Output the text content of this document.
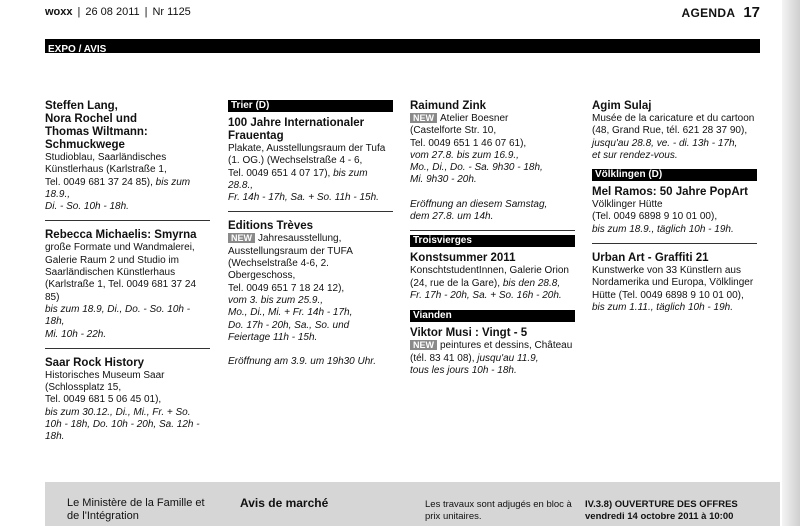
woxx | 26 08 2011 | Nr 1125	AGENDA 17
EXPO / AVIS
Steffen Lang,
Nora Rochel und
Thomas Wiltmann:
Schmuckwege
Studioblau, Saarländisches
Künstlerhaus (Karlstraße 1,
Tel. 0049 681 37 24 85), bis zum 18.9.,
Di. - So. 10h - 18h.
Rebecca Michaelis: Smyrna
große Formate und Wandmalerei,
Galerie Raum 2 und Studio im
Saarländischen Künstlerhaus
(Karlstraße 1, Tel. 0049 681 37 24 85)
bis zum 18.9, Di., Do. - So. 10h - 18h,
Mi. 10h - 22h.
Saar Rock History
Historisches Museum Saar
(Schlossplatz 15,
Tel. 0049 681 5 06 45 01),
bis zum 30.12., Di., Mi., Fr. + So.
10h - 18h, Do. 10h - 20h, Sa. 12h - 18h.
Trier (D)
100 Jahre Internationaler
Frauentag
Plakate, Ausstellungsraum der Tufa
(1. OG.) (Wechselstraße 4 - 6,
Tel. 0049 651 4 07 17), bis zum 28.8.,
Fr. 14h - 17h, Sa. + So. 11h - 15h.
Editions Trèves
NEW Jahresausstellung,
Ausstellungsraum der TUFA
(Wechselstraße 4-6, 2. Obergeschoss,
Tel. 0049 651 7 18 24 12),
vom 3. bis zum 25.9.,
Mo., Di., Mi. + Fr. 14h - 17h,
Do. 17h - 20h, Sa., So. und
Feiertage 11h - 15h.
Eröffnung am 3.9. um 19h30 Uhr.
Raimund Zink
NEW Atelier Boesner
(Castelforte Str. 10,
Tel. 0049 651 1 46 07 61),
vom 27.8. bis zum 16.9.,
Mo., Di., Do. - Sa. 9h30 - 18h,
Mi. 9h30 - 20h.
Eröffnung an diesem Samstag,
dem 27.8. um 14h.
Troisvierges
Konstsummer 2011
KonschtstudentInnen, Galerie Orion
(24, rue de la Gare), bis den 28.8,
Fr. 17h - 20h, Sa. + So. 16h - 20h.
Vianden
Viktor Musi : Vingt - 5
NEW peintures et dessins, Château
(tél. 83 41 08), jusqu'au 11.9,
tous les jours 10h - 18h.
Agim Sulaj
Musée de la caricature et du cartoon
(48, Grand Rue, tél. 621 28 37 90),
jusqu'au 28.8, ve. - di. 13h - 17h,
et sur rendez-vous.
Völklingen (D)
Mel Ramos: 50 Jahre PopArt
Völklinger Hütte
(Tel. 0049 6898 9 10 01 00),
bis zum 18.9., täglich 10h - 19h.
Urban Art - Graffiti 21
Kunstwerke von 33 Künstlern aus
Nordamerika und Europa, Völklinger
Hütte (Tel. 0049 6898 9 10 01 00),
bis zum 1.11., täglich 10h - 19h.
Le Ministère de la Famille et
de l'Intégration
Avis de marché	Les travaux sont adjugés en bloc à
prix unitaires.
IV.3.8) OUVERTURE DES OFFRES
vendredi 14 octobre 2011 à 10:00
